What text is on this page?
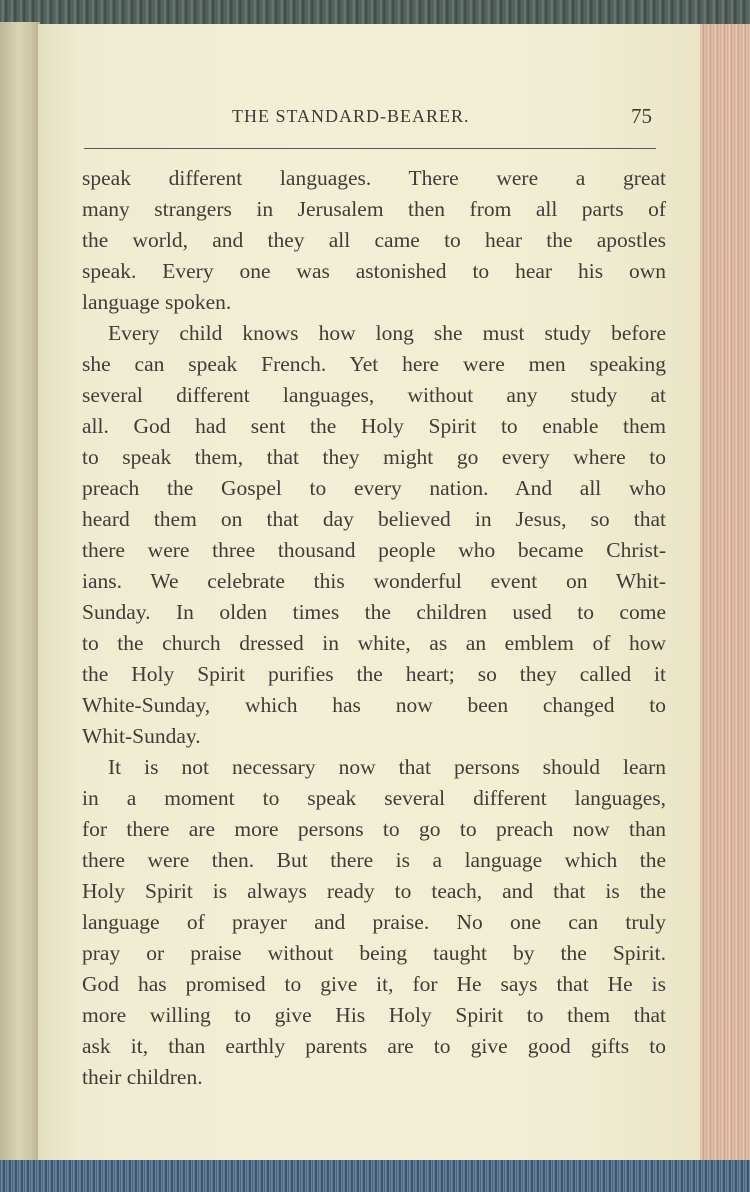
THE STANDARD-BEARER.	75
speak different languages. There were a great
many strangers in Jerusalem then from all parts of
the world, and they all came to hear the apostles
speak. Every one was astonished to hear his own
language spoken.
Every child knows how long she must study before
she can speak French. Yet here were men speaking
several different languages, without any study at
all. God had sent the Holy Spirit to enable them
to speak them, that they might go every where to
preach the Gospel to every nation. And all who
heard them on that day believed in Jesus, so that
there were three thousand people who became Christ-
ians. We celebrate this wonderful event on Whit-
Sunday. In olden times the children used to come
to the church dressed in white, as an emblem of how
the Holy Spirit purifies the heart; so they called it
White-Sunday, which has now been changed to
Whit-Sunday.
It is not necessary now that persons should learn
in a moment to speak several different languages,
for there are more persons to go to preach now than
there were then. But there is a language which the
Holy Spirit is always ready to teach, and that is the
language of prayer and praise. No one can truly
pray or praise without being taught by the Spirit.
God has promised to give it, for He says that He is
more willing to give His Holy Spirit to them that
ask it, than earthly parents are to give good gifts to
their children.
